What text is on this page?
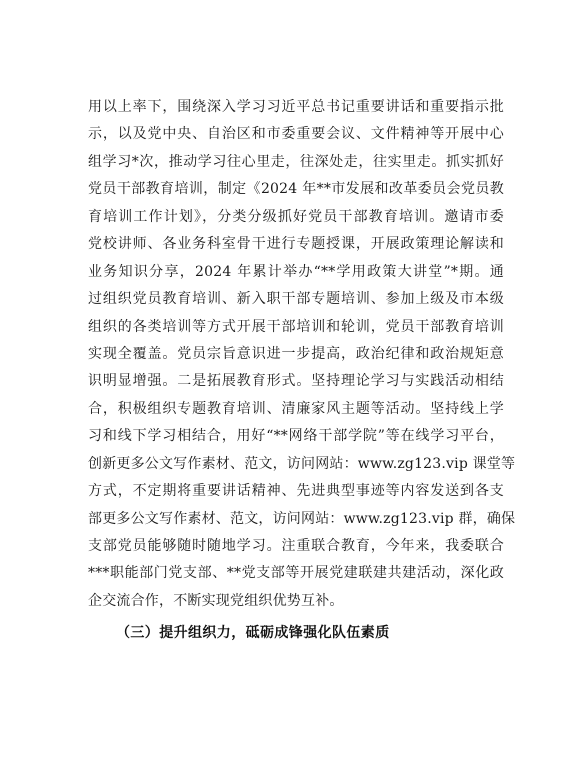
用以上率下，围绕深入学习习近平总书记重要讲话和重要指示批
示，以及党中央、自治区和市委重要会议、文件精神等开展中心
组学习*次，推动学习往心里走，往深处走，往实里走。抓实抓好
党员干部教育培训，制定《2024 年**市发展和改革委员会党员教
育培训工作计划》，分类分级抓好党员干部教育培训。邀请市委
党校讲师、各业务科室骨干进行专题授课，开展政策理论解读和
业务知识分享，2024 年累计举办“**学用政策大讲堂”*期。通
过组织党员教育培训、新入职干部专题培训、参加上级及市本级
组织的各类培训等方式开展干部培训和轮训，党员干部教育培训
实现全覆盖。党员宗旨意识进一步提高，政治纪律和政治规矩意
识明显增强。二是拓展教育形式。坚持理论学习与实践活动相结
合，积极组织专题教育培训、清廉家风主题等活动。坚持线上学
习和线下学习相结合，用好“**网络干部学院”等在线学习平台，
创新更多公文写作素材、范文，访问网站：www.zg123.vip 课堂等
方式，不定期将重要讲话精神、先进典型事迹等内容发送到各支
部更多公文写作素材、范文，访问网站：www.zg123.vip 群，确保
支部党员能够随时随地学习。注重联合教育，今年来，我委联合
***职能部门党支部、**党支部等开展党建联建共建活动，深化政
企交流合作，不断实现党组织优势互补。
（三）提升组织力，砥砺成锋强化队伍素质
